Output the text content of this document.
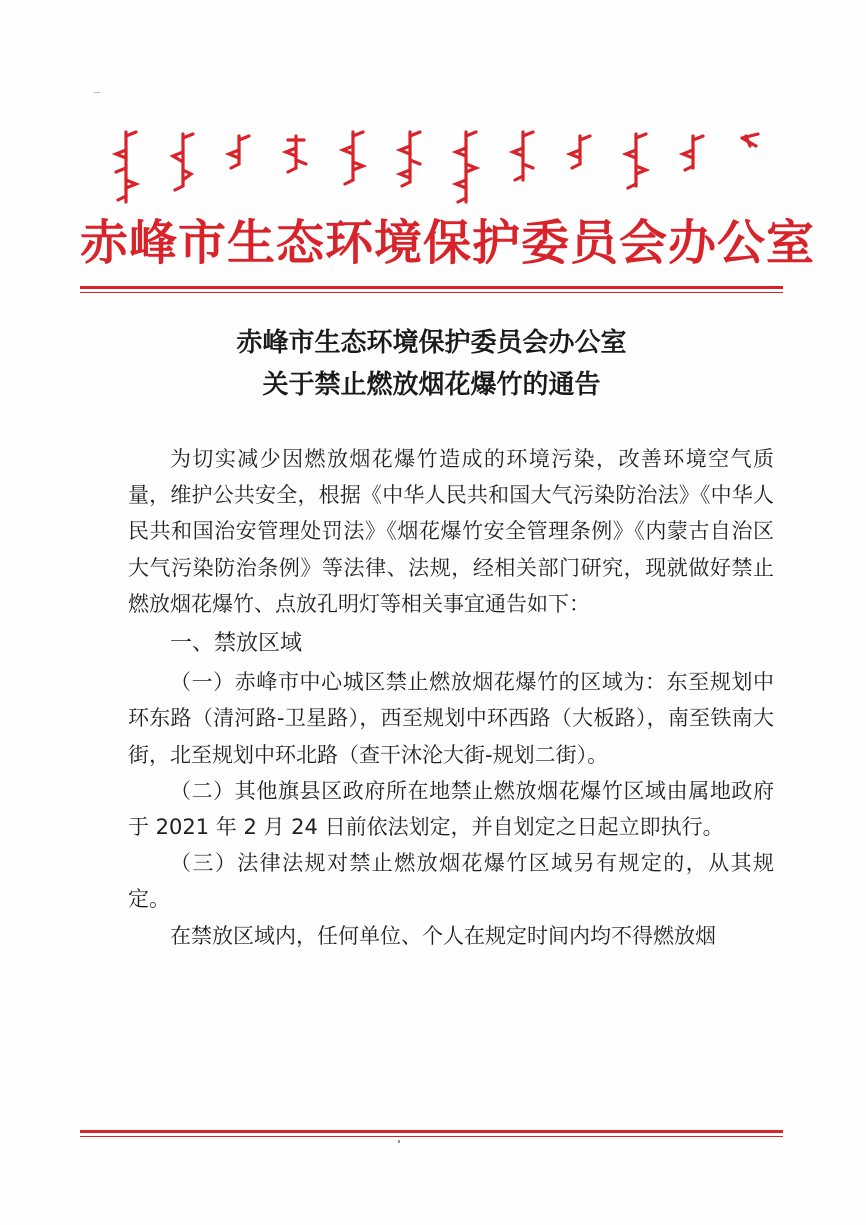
赤峰市生态环境保护委员会办公室
赤峰市生态环境保护委员会办公室
关于禁止燃放烟花爆竹的通告

为切实减少因燃放烟花爆竹造成的环境污染，改善环境空气质量，维护公共安全，根据《中华人民共和国大气污染防治法》《中华人民共和国治安管理处罚法》《烟花爆竹安全管理条例》《内蒙古自治区大气污染防治条例》等法律、法规，经相关部门研究，现就做好禁止燃放烟花爆竹、点放孔明灯等相关事宜通告如下：

一、禁放区域

（一）赤峰市中心城区禁止燃放烟花爆竹的区域为：东至规划中环东路（清河路-卫星路），西至规划中环西路（大板路），南至铁南大街，北至规划中环北路（查干沐沦大街-规划二街）。

（二）其他旗县区政府所在地禁止燃放烟花爆竹区域由属地政府于 2021 年 2 月 24 日前依法划定，并自划定之日起立即执行。

（三）法律法规对禁止燃放烟花爆竹区域另有规定的，从其规定。

在禁放区域内，任何单位、个人在规定时间内均不得燃放烟
